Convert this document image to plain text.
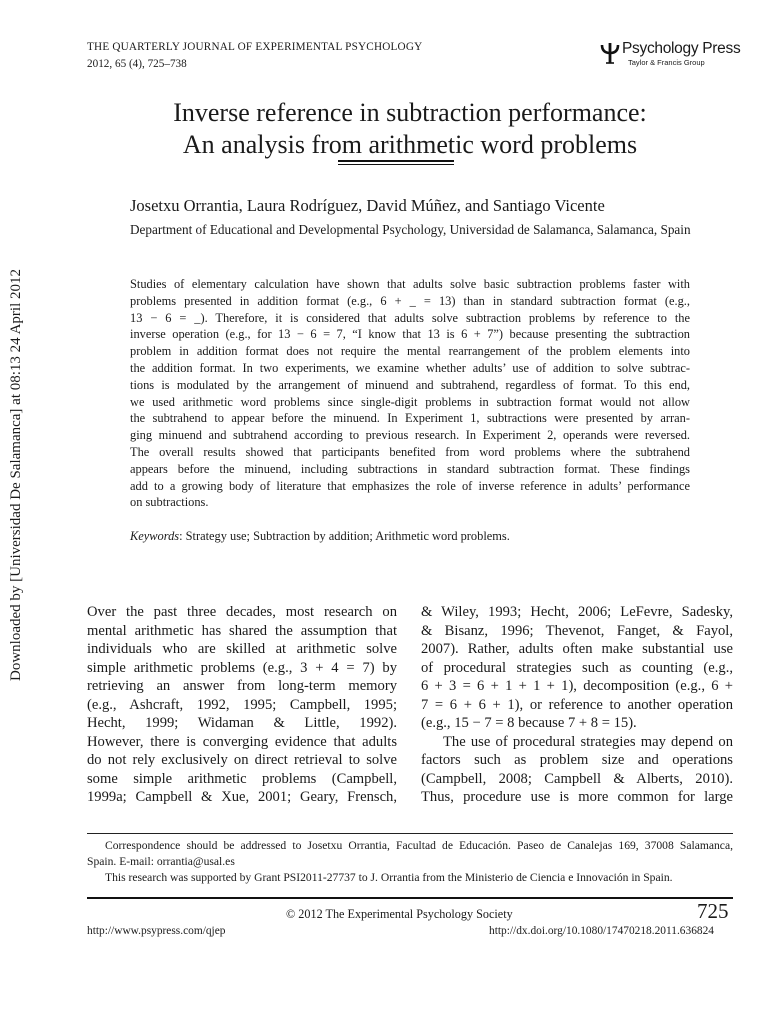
Downloaded by [Universidad De Salamanca] at 08:13 24 April 2012
THE QUARTERLY JOURNAL OF EXPERIMENTAL PSYCHOLOGY
2012, 65 (4), 725–738
Psychology Press
Taylor & Francis Group
Inverse reference in subtraction performance:
An analysis from arithmetic word problems
Josetxu Orrantia, Laura Rodríguez, David Múñez, and Santiago Vicente
Department of Educational and Developmental Psychology, Universidad de Salamanca, Salamanca, Spain
Studies of elementary calculation have shown that adults solve basic subtraction problems faster with
problems presented in addition format (e.g., 6 + _ = 13) than in standard subtraction format (e.g.,
13 − 6 = _). Therefore, it is considered that adults solve subtraction problems by reference to the
inverse operation (e.g., for 13 − 6 = 7, “I know that 13 is 6 + 7”) because presenting the subtraction
problem in addition format does not require the mental rearrangement of the problem elements into
the addition format. In two experiments, we examine whether adults’ use of addition to solve subtrac-
tions is modulated by the arrangement of minuend and subtrahend, regardless of format. To this end,
we used arithmetic word problems since single-digit problems in subtraction format would not allow
the subtrahend to appear before the minuend. In Experiment 1, subtractions were presented by arran-
ging minuend and subtrahend according to previous research. In Experiment 2, operands were reversed.
The overall results showed that participants benefited from word problems where the subtrahend
appears before the minuend, including subtractions in standard subtraction format. These findings
add to a growing body of literature that emphasizes the role of inverse reference in adults’ performance
on subtractions.
Keywords: Strategy use; Subtraction by addition; Arithmetic word problems.
Over the past three decades, most research on
mental arithmetic has shared the assumption that
individuals who are skilled at arithmetic solve
simple arithmetic problems (e.g., 3 + 4 = 7) by
retrieving an answer from long-term memory
(e.g., Ashcraft, 1992, 1995; Campbell, 1995;
Hecht, 1999; Widaman & Little, 1992).
However, there is converging evidence that adults
do not rely exclusively on direct retrieval to solve
some simple arithmetic problems (Campbell,
1999a; Campbell & Xue, 2001; Geary, Frensch,
& Wiley, 1993; Hecht, 2006; LeFevre, Sadesky,
& Bisanz, 1996; Thevenot, Fanget, & Fayol,
2007). Rather, adults often make substantial use
of procedural strategies such as counting (e.g.,
6 + 3 = 6 + 1 + 1 + 1), decomposition (e.g., 6 +
7 = 6 + 6 + 1), or reference to another operation
(e.g., 15 − 7 = 8 because 7 + 8 = 15).
The use of procedural strategies may depend on
factors such as problem size and operations
(Campbell, 2008; Campbell & Alberts, 2010).
Thus, procedure use is more common for large
Correspondence should be addressed to Josetxu Orrantia, Facultad de Educación. Paseo de Canalejas 169, 37008 Salamanca,
Spain. E-mail: orrantia@usal.es
This research was supported by Grant PSI2011-27737 to J. Orrantia from the Ministerio de Ciencia e Innovación in Spain.
© 2012 The Experimental Psychology Society	725
http://www.psypress.com/qjep	http://dx.doi.org/10.1080/17470218.2011.636824
